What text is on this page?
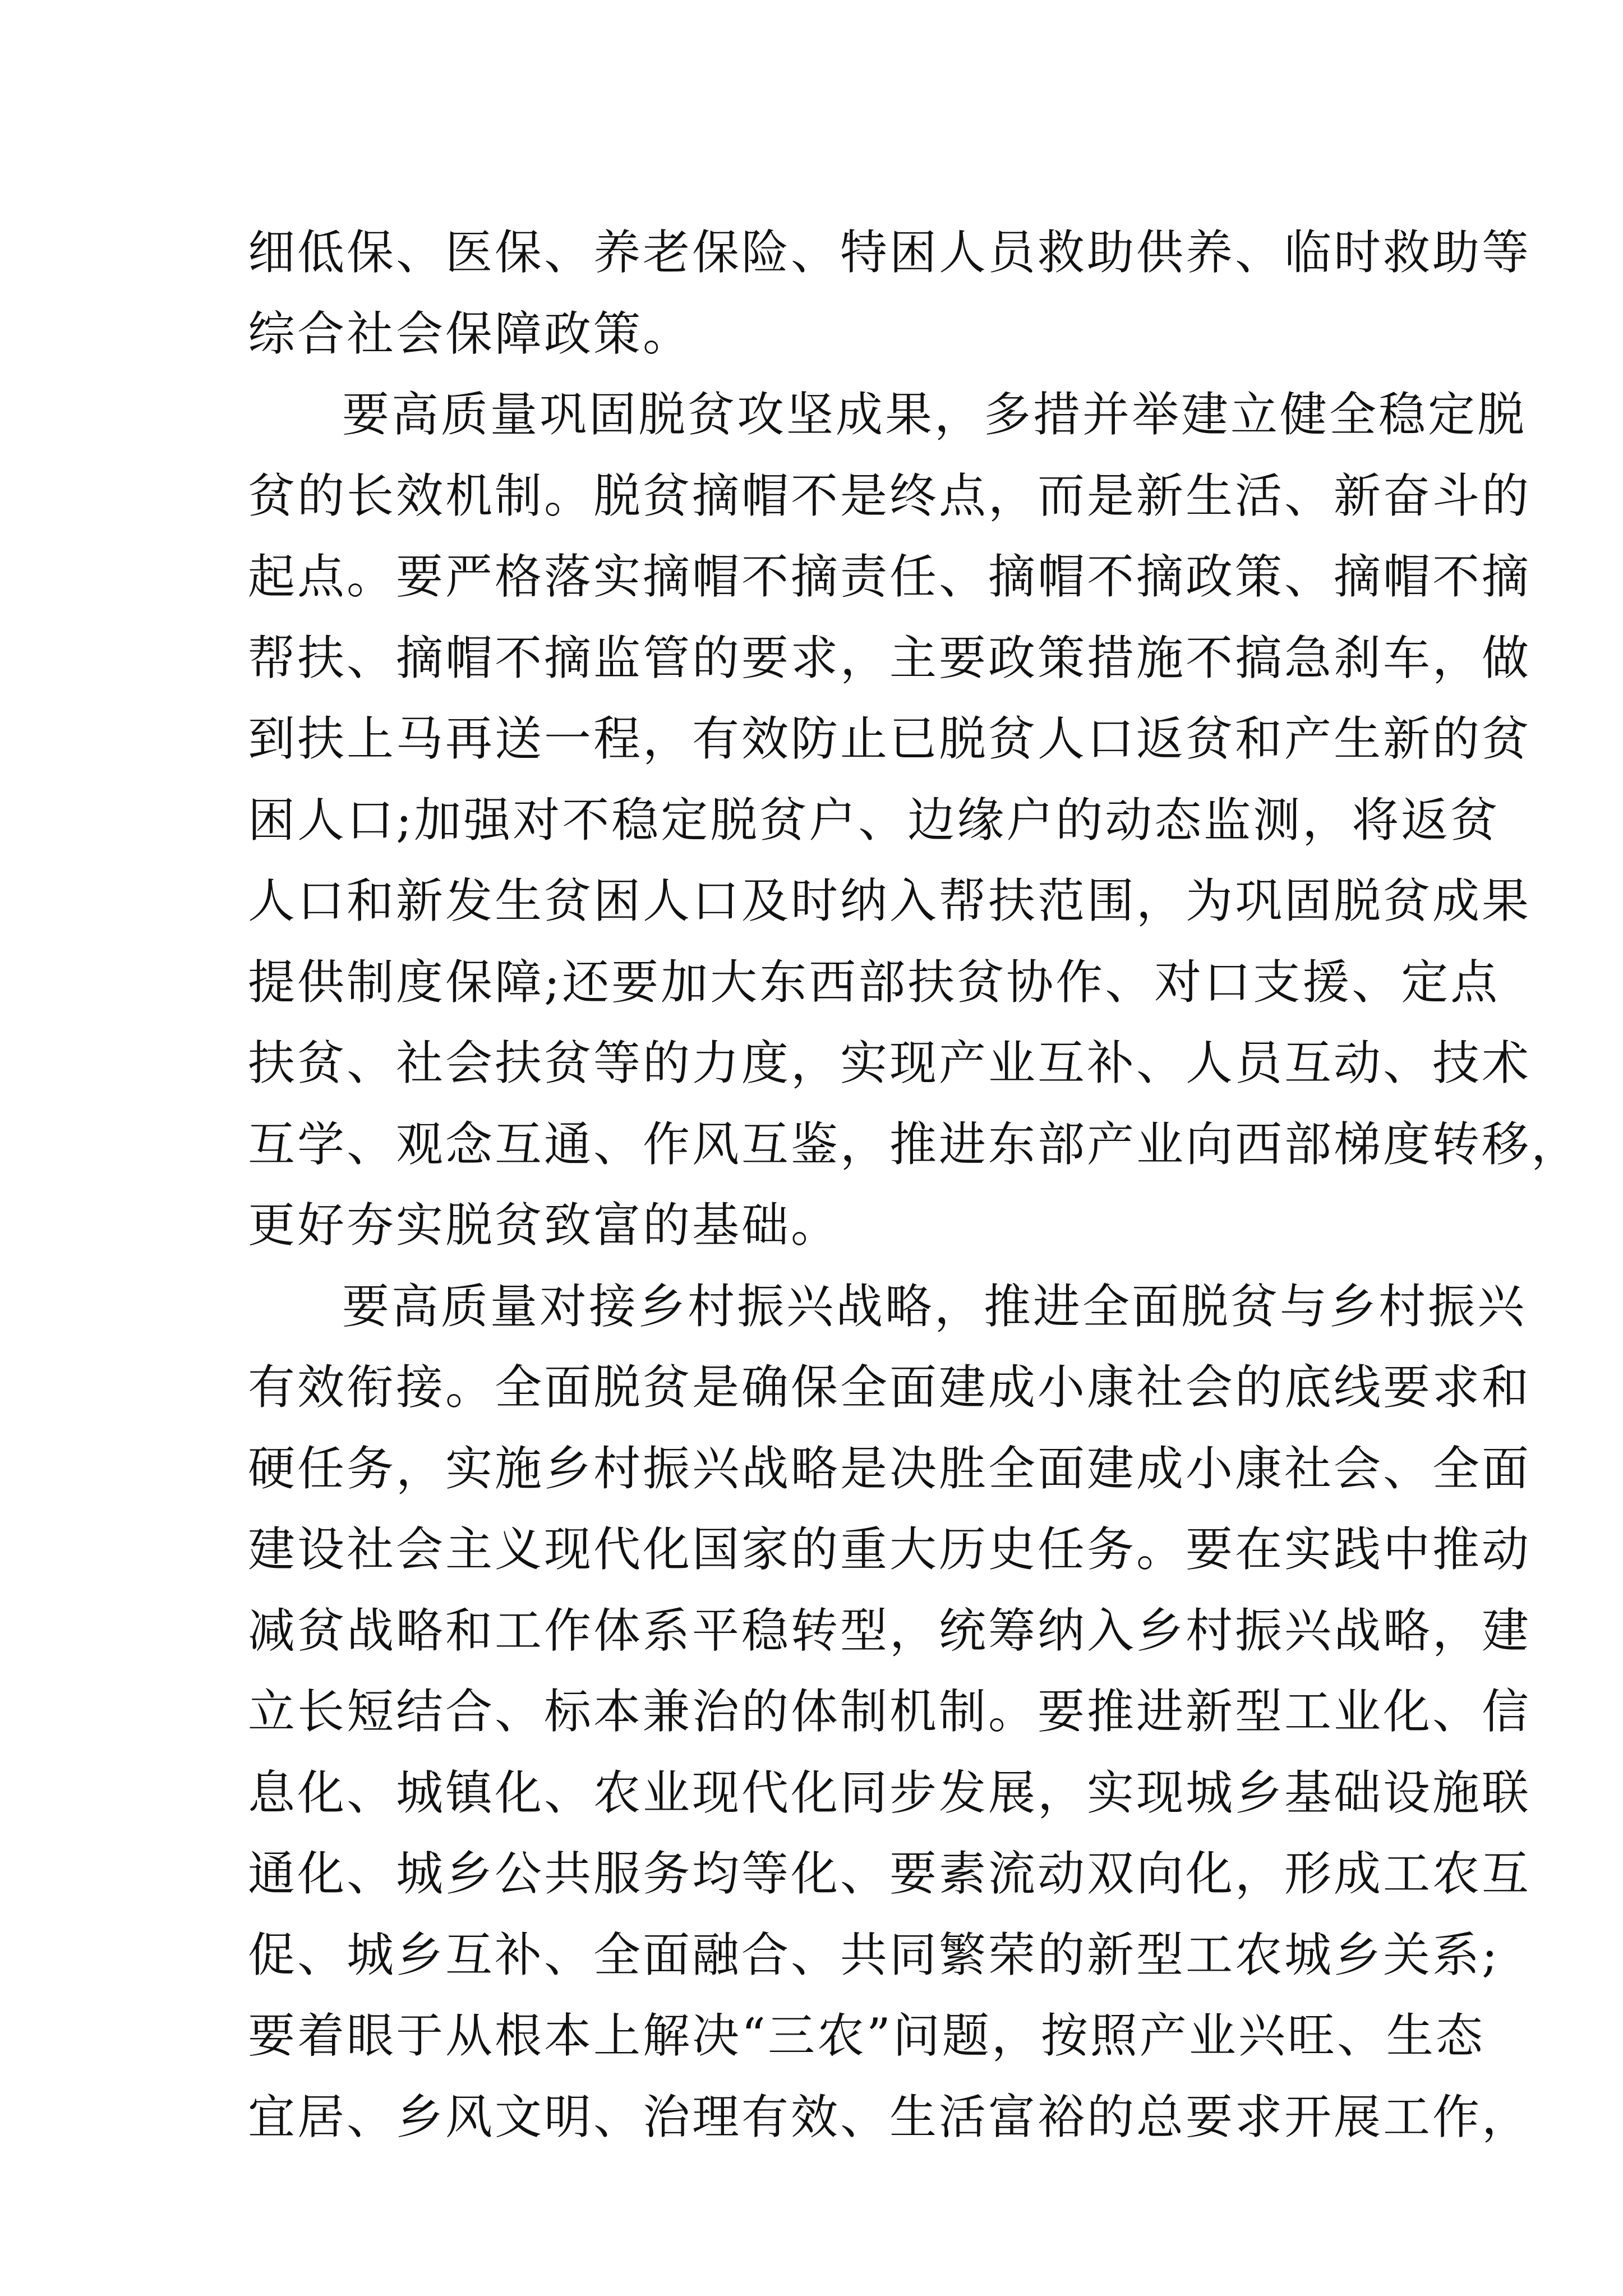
细低保、医保、养老保险、特困人员救助供养、临时救助等
综合社会保障政策。
要高质量巩固脱贫攻坚成果，多措并举建立健全稳定脱
贫的长效机制。脱贫摘帽不是终点，而是新生活、新奋斗的
起点。要严格落实摘帽不摘责任、摘帽不摘政策、摘帽不摘
帮扶、摘帽不摘监管的要求，主要政策措施不搞急刹车，做
到扶上马再送一程，有效防止已脱贫人口返贫和产生新的贫
困人口;加强对不稳定脱贫户、边缘户的动态监测，将返贫
人口和新发生贫困人口及时纳入帮扶范围，为巩固脱贫成果
提供制度保障;还要加大东西部扶贫协作、对口支援、定点
扶贫、社会扶贫等的力度，实现产业互补、人员互动、技术
互学、观念互通、作风互鉴，推进东部产业向西部梯度转移，
更好夯实脱贫致富的基础。
要高质量对接乡村振兴战略，推进全面脱贫与乡村振兴
有效衔接。全面脱贫是确保全面建成小康社会的底线要求和
硬任务，实施乡村振兴战略是决胜全面建成小康社会、全面
建设社会主义现代化国家的重大历史任务。要在实践中推动
减贫战略和工作体系平稳转型，统筹纳入乡村振兴战略，建
立长短结合、标本兼治的体制机制。要推进新型工业化、信
息化、城镇化、农业现代化同步发展，实现城乡基础设施联
通化、城乡公共服务均等化、要素流动双向化，形成工农互
促、城乡互补、全面融合、共同繁荣的新型工农城乡关系;
要着眼于从根本上解决“三农”问题，按照产业兴旺、生态
宜居、乡风文明、治理有效、生活富裕的总要求开展工作，
